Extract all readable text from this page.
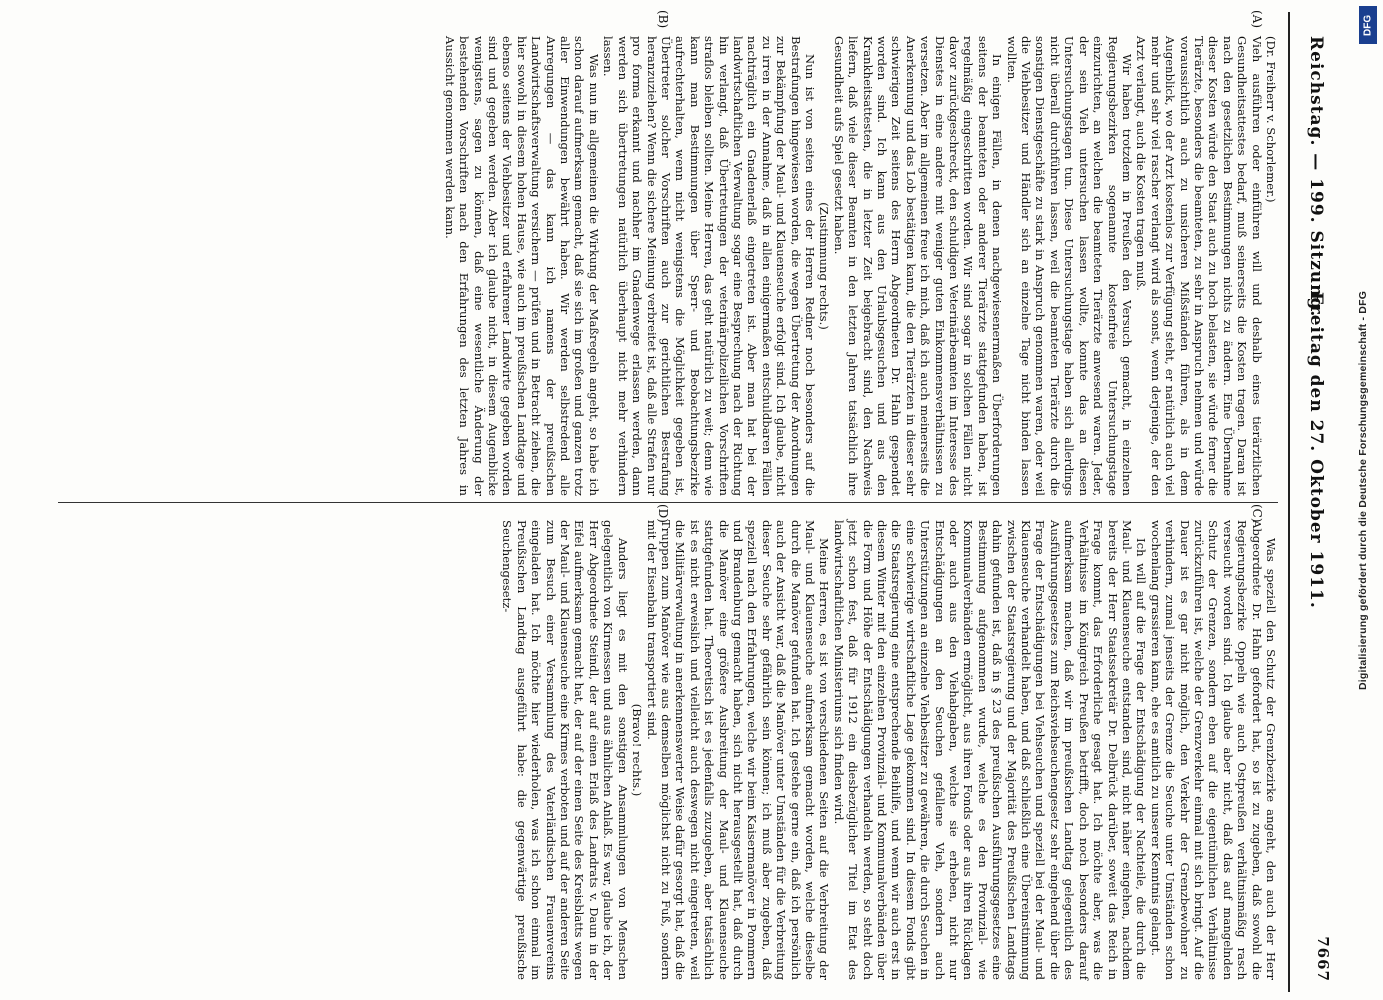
Reichstag. — 199. Sitzung.
Freitag den 27. Oktober 1911.
7667
(A)
(B)
(C)
(D)

(Dr. Freiherr v. Schorlemer.)

Vieh ausführen oder einführen will und deshalb eines tierärztlichen Gesundheitsattestes bedarf, muß seinerseits die Kosten tragen. Daran ist nach den gesetzlichen Bestimmungen nichts zu ändern. Eine Übernahme dieser Kosten würde den Staat auch zu hoch belasten, sie würde ferner die Tierärzte, besonders die beamteten, zu sehr in Anspruch nehmen und würde voraussichtlich auch zu unsicheren Mißständen führen, als in dem Augenblick, wo der Arzt kostenlos zur Verfügung steht, er natürlich auch viel mehr und sehr viel rascher verlangt wird als sonst, wenn derjenige, der den Arzt verlangt, auch die Kosten tragen muß.

Wir haben trotzdem in Preußen den Versuch gemacht, in einzelnen Regierungsbezirken sogenannte kostenfreie Untersuchungstage einzurichten, an welchen die beamteten Tierärzte anwesend waren. Jeder, der sein Vieh untersuchen lassen wollte, konnte das an diesen Untersuchungstagen tun. Diese Untersuchungstage haben sich allerdings nicht überall durchführen lassen, weil die beamteten Tierärzte durch die sonstigen Dienstgeschäfte zu stark in Anspruch genommen waren, oder weil die Viehbesitzer und Händler sich an einzelne Tage nicht binden lassen wollten.

In einigen Fällen, in denen nachgewiesenermaßen Überforderungen seitens der beamteten oder anderer Tierärzte stattgefunden haben, ist regelmäßig eingeschritten worden. Wir sind sogar in solchen Fällen nicht davor zurückgeschreckt, den schuldigen Veterinärbeamten im Interesse des Dienstes in eine andere mit weniger guten Einkommensverhältnissen zu versetzen. Aber im allgemeinen freue ich mich, daß ich auch meinerseits die Anerkennung und das Lob bestätigen kann, die den Tierärzten in dieser sehr schwierigen Zeit seitens des Herrn Abgeordneten Dr. Hahn gespendet worden sind. Ich kann aus den Urlaubsgesuchen und aus den Krankheitsattesten, die in letzter Zeit beigebracht sind, den Nachweis liefern, daß viele dieser Beamten in den letzten Jahren tatsächlich ihre Gesundheit aufs Spiel gesetzt haben.

(Zustimmung rechts.)

Nun ist von seiten eines der Herren Redner noch besonders auf die Bestrafungen hingewiesen worden, die wegen Übertretung der Anordnungen zur Bekämpfung der Maul- und Klauenseuche erfolgt sind. Ich glaube, nicht zu irren in der Annahme, daß in allen einigermaßen entschuldbaren Fällen nachträglich ein Gnadenerlaß eingetreten ist. Aber man hat bei der landwirtschaftlichen Verwaltung sogar eine Besprechung nach der Richtung hin verlangt, daß Übertretungen der veterinärpolizeilichen Vorschriften straflos bleiben sollten. Meine Herren, das geht natürlich zu weit; denn wie kann man Bestimmungen über Sperr- und Beobachtungsbezirke aufrechterhalten, wenn nicht wenigstens die Möglichkeit gegeben ist, Übertreter solcher Vorschriften auch zur gerichtlichen Bestrafung heranzuziehen? Wenn die sichere Meinung verbreitet ist, daß alle Strafen nur pro forma erkannt und nachher im Gnadenwege erlassen werden, dann werden sich übertretungen natürlich überhaupt nicht mehr verhindern lassen.

Was nun im allgemeinen die Wirkung der Maßregeln angeht, so habe ich schon darauf aufmerksam gemacht, daß sie sich im großen und ganzen trotz aller Einwendungen bewährt haben. Wir werden selbstredend alle Anregungen — das kann ich namens der preußischen Landwirtschaftsverwaltung versichern — prüfen und in Betracht ziehen, die hier sowohl in diesem hohen Hause, wie auch im preußischen Landtage und ebenso seitens der Viehbesitzer und erfahrener Landwirte gegeben worden sind und gegeben werden. Aber ich glaube nicht, in diesem Augenblicke wenigstens, sagen zu können, daß eine wesentliche Änderung der bestehenden Vorschriften nach den Erfahrungen des letzten Jahres in Aussicht genommen werden kann.

Was speziell den Schutz der Grenzbezirke angeht, den auch der Herr Abgeordnete Dr. Hahn gefordert hat, so ist zu zugeben, daß sowohl die Regierungsbezirke Oppeln wie auch Ostpreußen verhältnismäßig rasch verseucht worden sind. Ich glaube aber nicht, daß das auf mangelnden Schutz der Grenzen, sondern eben auf die eigentümlichen Verhältnisse zurückzuführen ist, welche der Grenzverkehr einmal mit sich bringt. Auf die Dauer ist es gar nicht möglich, den Verkehr der Grenzbewohner zu verhindern, zumal jenseits der Grenze die Seuche unter Umständen schon wochenlang grassieren kann, ehe es amtlich zu unserer Kenntnis gelangt.

Ich will auf die Frage der Entschädigung der Nachteile, die durch die Maul- und Klauenseuche entstanden sind, nicht näher eingehen, nachdem bereits der Herr Staatssekretär Dr. Delbrück darüber, soweit das Reich in Frage kommt, das Erforderliche gesagt hat. Ich möchte aber, was die Verhältnisse im Königreich Preußen betrifft, doch noch besonders darauf aufmerksam machen, daß wir im preußischen Landtag gelegentlich des Ausführungsgesetzes zum Reichsviehseuchengesetz sehr eingehend über die Frage der Entschädigungen bei Viehseuchen und speziell bei der Maul- und Klauenseuche verhandelt haben, und daß schließlich eine Übereinstimmung zwischen der Staatsregierung und der Majorität des Preußischen Landtags dahin gefunden ist, daß in § 23 des preußischen Ausführungsgesetzes eine Bestimmung aufgenommen wurde, welche es den Provinzial- wie Kommunalverbänden ermöglicht, aus ihren Fonds oder aus ihren Rücklagen oder auch aus den Viehabgaben, welche sie erheben, nicht nur Entschädigungen an den Seuchen gefallene Vieh, sondern auch Unterstützungen an einzelne Viehbesitzer zu gewähren, die durch Seuchen in eine schwierige wirtschaftliche Lage gekommen sind. In diesem Fonds gibt die Staatsregierung eine entsprechende Beihilfe, und wenn wir auch erst in diesem Winter mit den einzelnen Provinzial- und Kommunalverbänden über die Form und Höhe der Entschädigungen verhandeln werden, so steht doch jetzt schon fest, daß für 1912 ein diesbezüglicher Titel im Etat des landwirtschaftlichen Ministeriums sich finden wird.

Meine Herren, es ist von verschiedenen Seiten auf die Verbreitung der Maul- und Klauenseuche aufmerksam gemacht worden, welche dieselbe durch die Manöver gefunden hat. Ich gestehe gerne ein, daß ich persönlich auch der Ansicht war, daß die Manöver unter Umständen für die Verbreitung dieser Seuche sehr gefährlich sein können; ich muß aber zugeben, daß speziell nach den Erfahrungen, welche wir beim Kaisermanöver in Pommern und Brandenburg gemacht haben, sich nicht herausgestellt hat, daß durch die Manöver eine größere Ausbreitung der Maul- und Klauenseuche stattgefunden hat. Theoretisch ist es jedenfalls zuzugeben, aber tatsächlich ist es nicht erweislich und vielleicht auch deswegen nicht eingetreten, weil die Militärverwaltung in anerkennenswerter Weise dafür gesorgt hat, daß die Truppen zum Manöver wie aus demselben möglichst nicht zu Fuß, sondern mit der Eisenbahn transportiert sind.

(Bravo! rechts.)

Anders liegt es mit den sonstigen Ansammlungen von Menschen gelegentlich von Kirmessen und aus ähnlichen Anlaß. Es war, glaube ich, der Herr Abgeordnete Steindl, der auf einen Erlaß des Landrats v. Daun in der Eifel aufmerksam gemacht hat, der auf der einen Seite des Kreisblatts wegen der Maul- und Klauenseuche eine Kirmes verboten und auf der anderen Seite zum Besuch einer Versammlung des Vaterländischen Frauenvereins eingeladen hat. Ich möchte hier wiederholen, was ich schon einmal im Preußischen Landtag ausgeführt habe: die gegenwärtige preußische Seuchengesetz-

DFG
Digitalisierung gefördert durch die Deutsche Forschungsgemeinschaft - DFG
